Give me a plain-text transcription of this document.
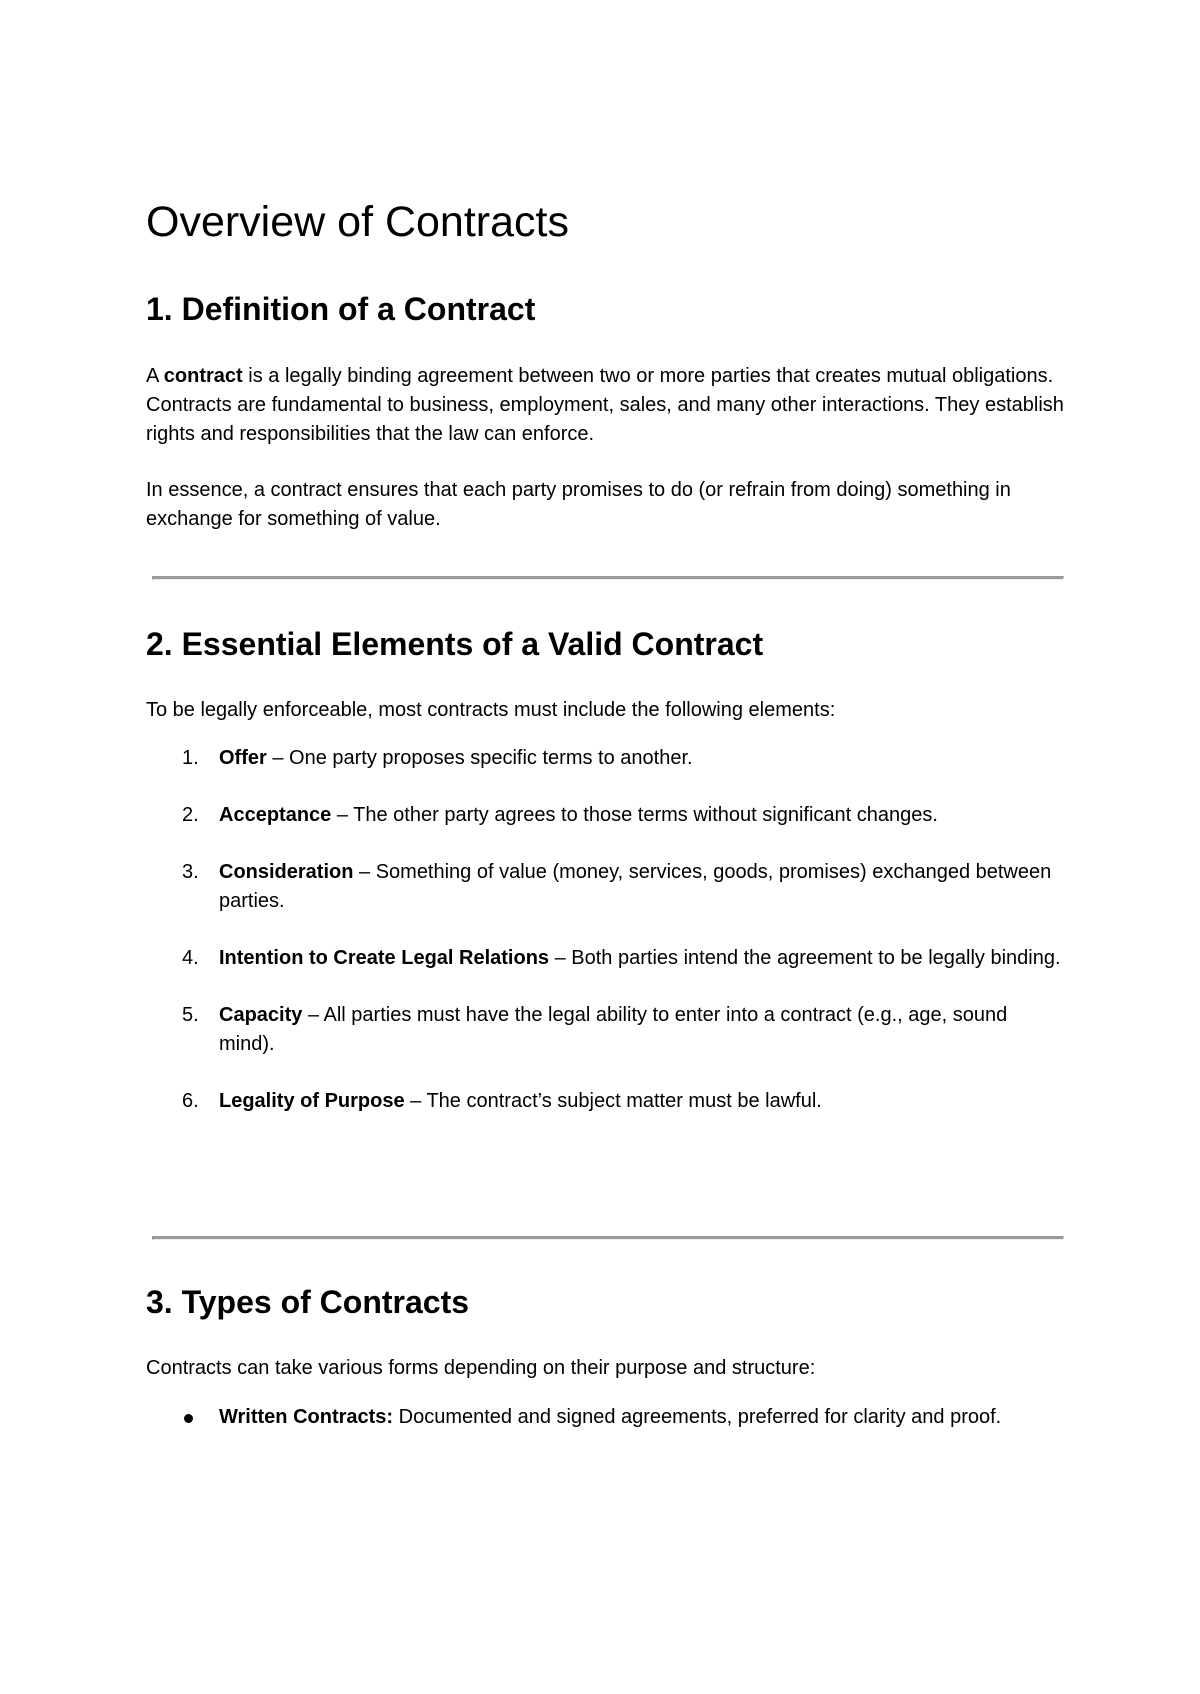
Overview of Contracts
1. Definition of a Contract

A contract is a legally binding agreement between two or more parties that creates mutual obligations. Contracts are fundamental to business, employment, sales, and many other interactions. They establish rights and responsibilities that the law can enforce.

In essence, a contract ensures that each party promises to do (or refrain from doing) something in exchange for something of value.

2. Essential Elements of a Valid Contract

To be legally enforceable, most contracts must include the following elements:

1.	Offer – One party proposes specific terms to another.
2.	Acceptance – The other party agrees to those terms without significant changes.
3.	Consideration – Something of value (money, services, goods, promises) exchanged between parties.
4.	Intention to Create Legal Relations – Both parties intend the agreement to be legally binding.
5.	Capacity – All parties must have the legal ability to enter into a contract (e.g., age, sound mind).
6.	Legality of Purpose – The contract’s subject matter must be lawful.
3. Types of Contracts

Contracts can take various forms depending on their purpose and structure:

Written Contracts: Documented and signed agreements, preferred for clarity and proof.
